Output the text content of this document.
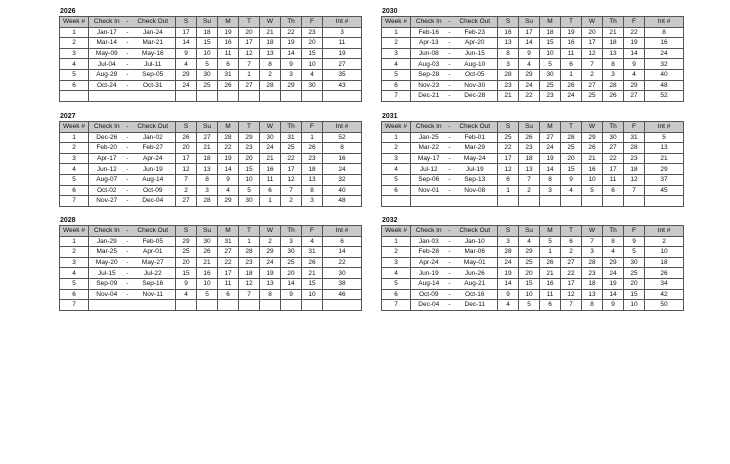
2026
Week #	Check In	-	Check Out	S	Su	M	T	W	Th	F	Int #
1	Jan-17	-	Jan-24	17	18	19	20	21	22	23	3
2	Mar-14	-	Mar-21	14	15	16	17	18	19	20	11
3	May-09	-	May-16	9	10	11	12	13	14	15	19
4	Jul-04	-	Jul-11	4	5	6	7	8	9	10	27
5	Aug-29	-	Sep-05	29	30	31	1	2	3	4	35
6	Oct-24	-	Oct-31	24	25	26	27	28	29	30	43

2030
Week #	Check In	-	Check Out	S	Su	M	T	W	Th	F	Int #
1	Feb-16	-	Feb-23	16	17	18	19	20	21	22	8
2	Apr-13	-	Apr-20	13	14	15	16	17	18	19	16
3	Jun-08	-	Jun-15	8	9	10	11	12	13	14	24
4	Aug-03	-	Aug-10	3	4	5	6	7	8	9	32
5	Sep-28	-	Oct-05	28	29	30	1	2	3	4	40
6	Nov-23	-	Nov-30	23	24	25	26	27	28	29	48
7	Dec-21	-	Dec-28	21	22	23	24	25	26	27	52
2027
Week #	Check In	-	Check Out	S	Su	M	T	W	Th	F	Int #
1	Dec-26	-	Jan-02	26	27	28	29	30	31	1	52
2	Feb-20	-	Feb-27	20	21	22	23	24	25	26	8
3	Apr-17	-	Apr-24	17	18	19	20	21	22	23	16
4	Jun-12	-	Jun-19	12	13	14	15	16	17	18	24
5	Aug-07	-	Aug-14	7	8	9	10	11	12	13	32
6	Oct-02	-	Oct-09	2	3	4	5	6	7	8	40
7	Nov-27	-	Dec-04	27	28	29	30	1	2	3	48
2031
Week #	Check In	-	Check Out	S	Su	M	T	W	Th	F	Int #
1	Jan-25	-	Feb-01	25	26	27	28	29	30	31	5
2	Mar-22	-	Mar-29	22	23	24	25	26	27	28	13
3	May-17	-	May-24	17	18	19	20	21	22	23	21
4	Jul-12	-	Jul-19	12	13	14	15	16	17	18	29
5	Sep-06	-	Sep-13	6	7	8	9	10	11	12	37
6	Nov-01	-	Nov-08	1	2	3	4	5	6	7	45

2028
Week #	Check In	-	Check Out	S	Su	M	T	W	Th	F	Int #
1	Jan-29	-	Feb-05	29	30	31	1	2	3	4	6
2	Mar-25	-	Apr-01	25	26	27	28	29	30	31	14
3	May-20	-	May-27	20	21	22	23	24	25	26	22
4	Jul-15	-	Jul-22	15	16	17	18	19	20	21	30
5	Sep-09	-	Sep-16	9	10	11	12	13	14	15	38
6	Nov-04	-	Nov-11	4	5	6	7	8	9	10	46
7											
2032
Week #	Check In	-	Check Out	S	Su	M	T	W	Th	F	Int #
1	Jan-03	-	Jan-10	3	4	5	6	7	8	9	2
2	Feb-28	-	Mar-06	28	29	1	2	3	4	5	10
3	Apr-24	-	May-01	24	25	26	27	28	29	30	18
4	Jun-19	-	Jun-26	19	20	21	22	23	24	25	26
5	Aug-14	-	Aug-21	14	15	16	17	18	19	20	34
6	Oct-09	-	Oct-16	9	10	11	12	13	14	15	42
7	Dec-04	-	Dec-11	4	5	6	7	8	9	10	50
